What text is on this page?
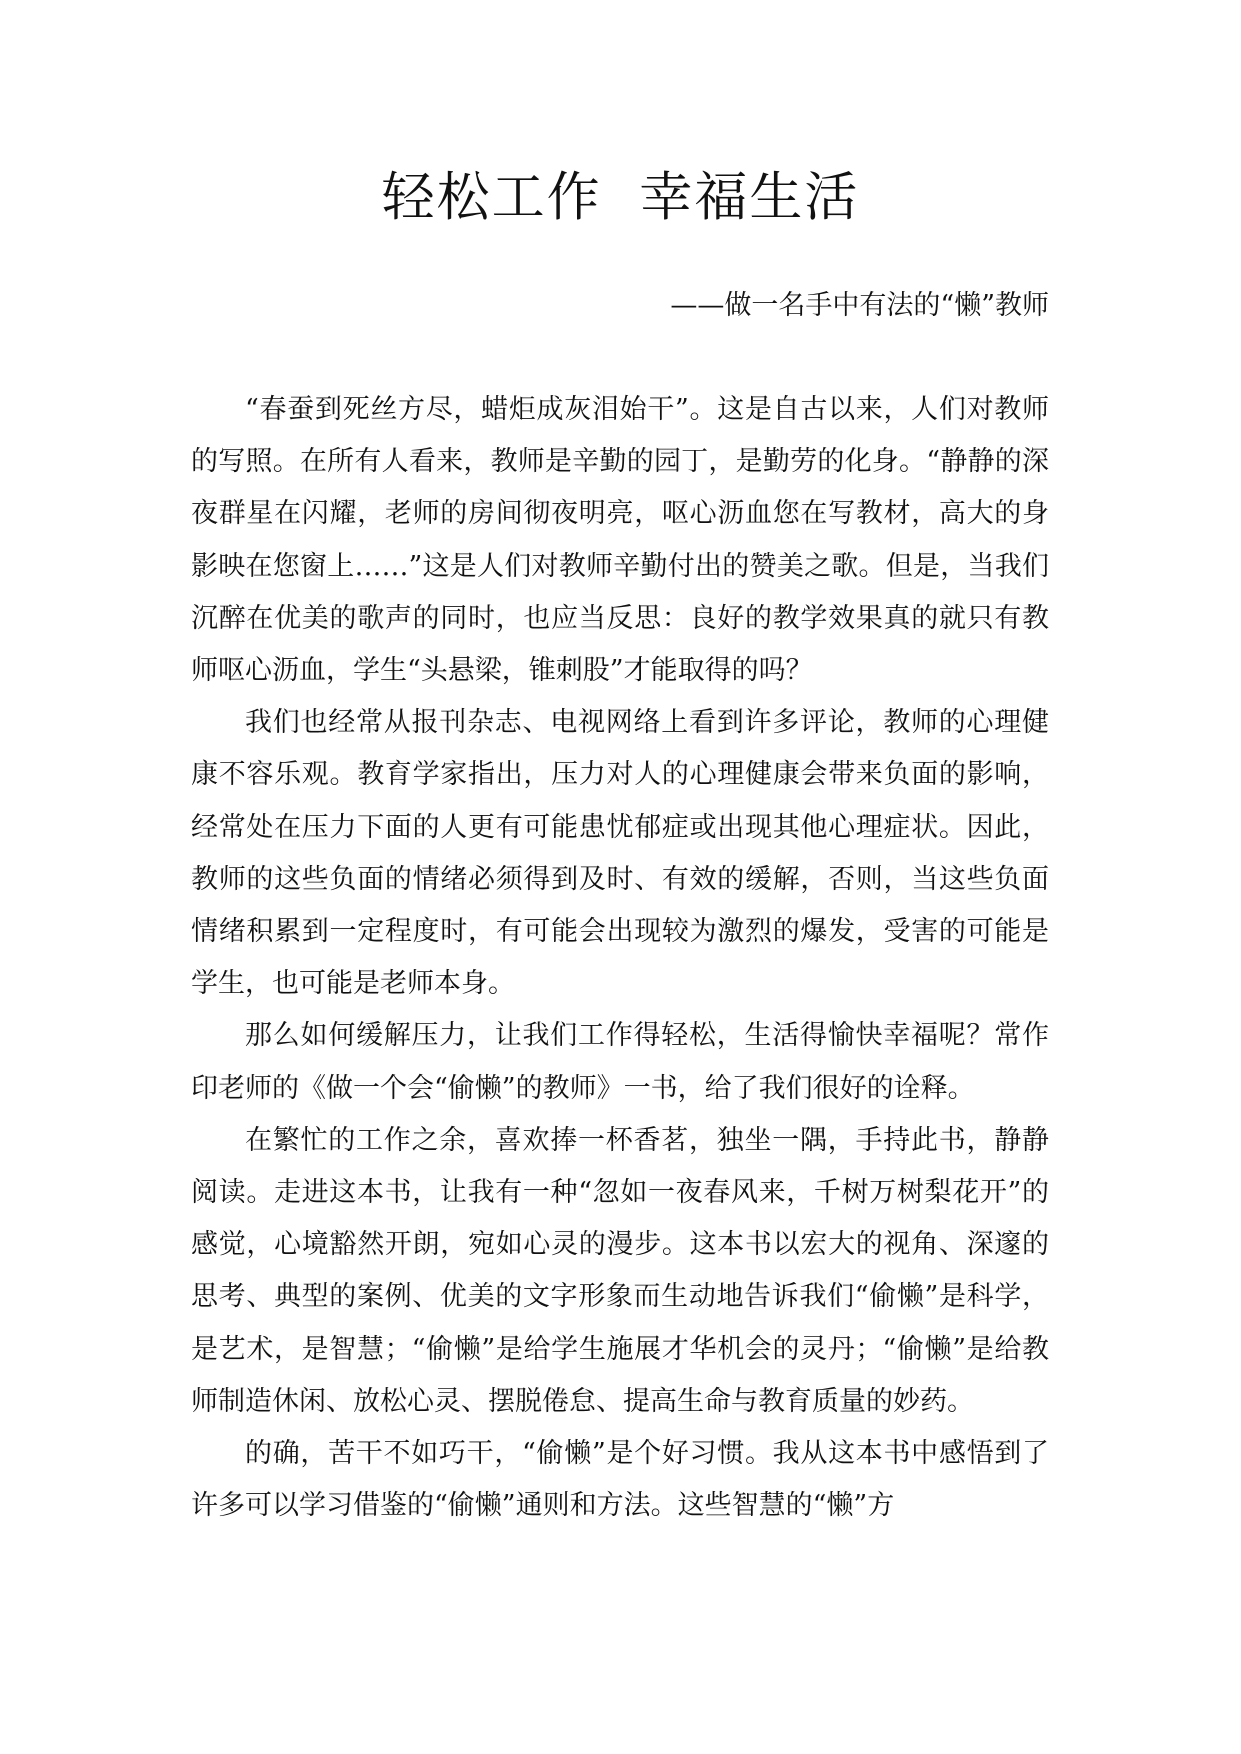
轻松工作  幸福生活
——做一名手中有法的“懒”教师

“春蚕到死丝方尽，蜡炬成灰泪始干”。这是自古以来，人们对教师的写照。在所有人看来，教师是辛勤的园丁，是勤劳的化身。“静静的深夜群星在闪耀，老师的房间彻夜明亮，呕心沥血您在写教材，高大的身影映在您窗上……”这是人们对教师辛勤付出的赞美之歌。但是，当我们沉醉在优美的歌声的同时，也应当反思：良好的教学效果真的就只有教师呕心沥血，学生“头悬梁，锥刺股”才能取得的吗？

我们也经常从报刊杂志、电视网络上看到许多评论，教师的心理健康不容乐观。教育学家指出，压力对人的心理健康会带来负面的影响，经常处在压力下面的人更有可能患忧郁症或出现其他心理症状。因此，教师的这些负面的情绪必须得到及时、有效的缓解，否则，当这些负面情绪积累到一定程度时，有可能会出现较为激烈的爆发，受害的可能是学生，也可能是老师本身。

那么如何缓解压力，让我们工作得轻松，生活得愉快幸福呢？常作印老师的《做一个会“偷懒”的教师》一书，给了我们很好的诠释。

在繁忙的工作之余，喜欢捧一杯香茗，独坐一隅，手持此书，静静阅读。走进这本书，让我有一种“忽如一夜春风来，千树万树梨花开”的感觉，心境豁然开朗，宛如心灵的漫步。这本书以宏大的视角、深邃的思考、典型的案例、优美的文字形象而生动地告诉我们“偷懒”是科学，是艺术，是智慧；“偷懒”是给学生施展才华机会的灵丹；“偷懒”是给教师制造休闲、放松心灵、摆脱倦怠、提高生命与教育质量的妙药。

的确，苦干不如巧干，“偷懒”是个好习惯。我从这本书中感悟到了许多可以学习借鉴的“偷懒”通则和方法。这些智慧的“懒”方
